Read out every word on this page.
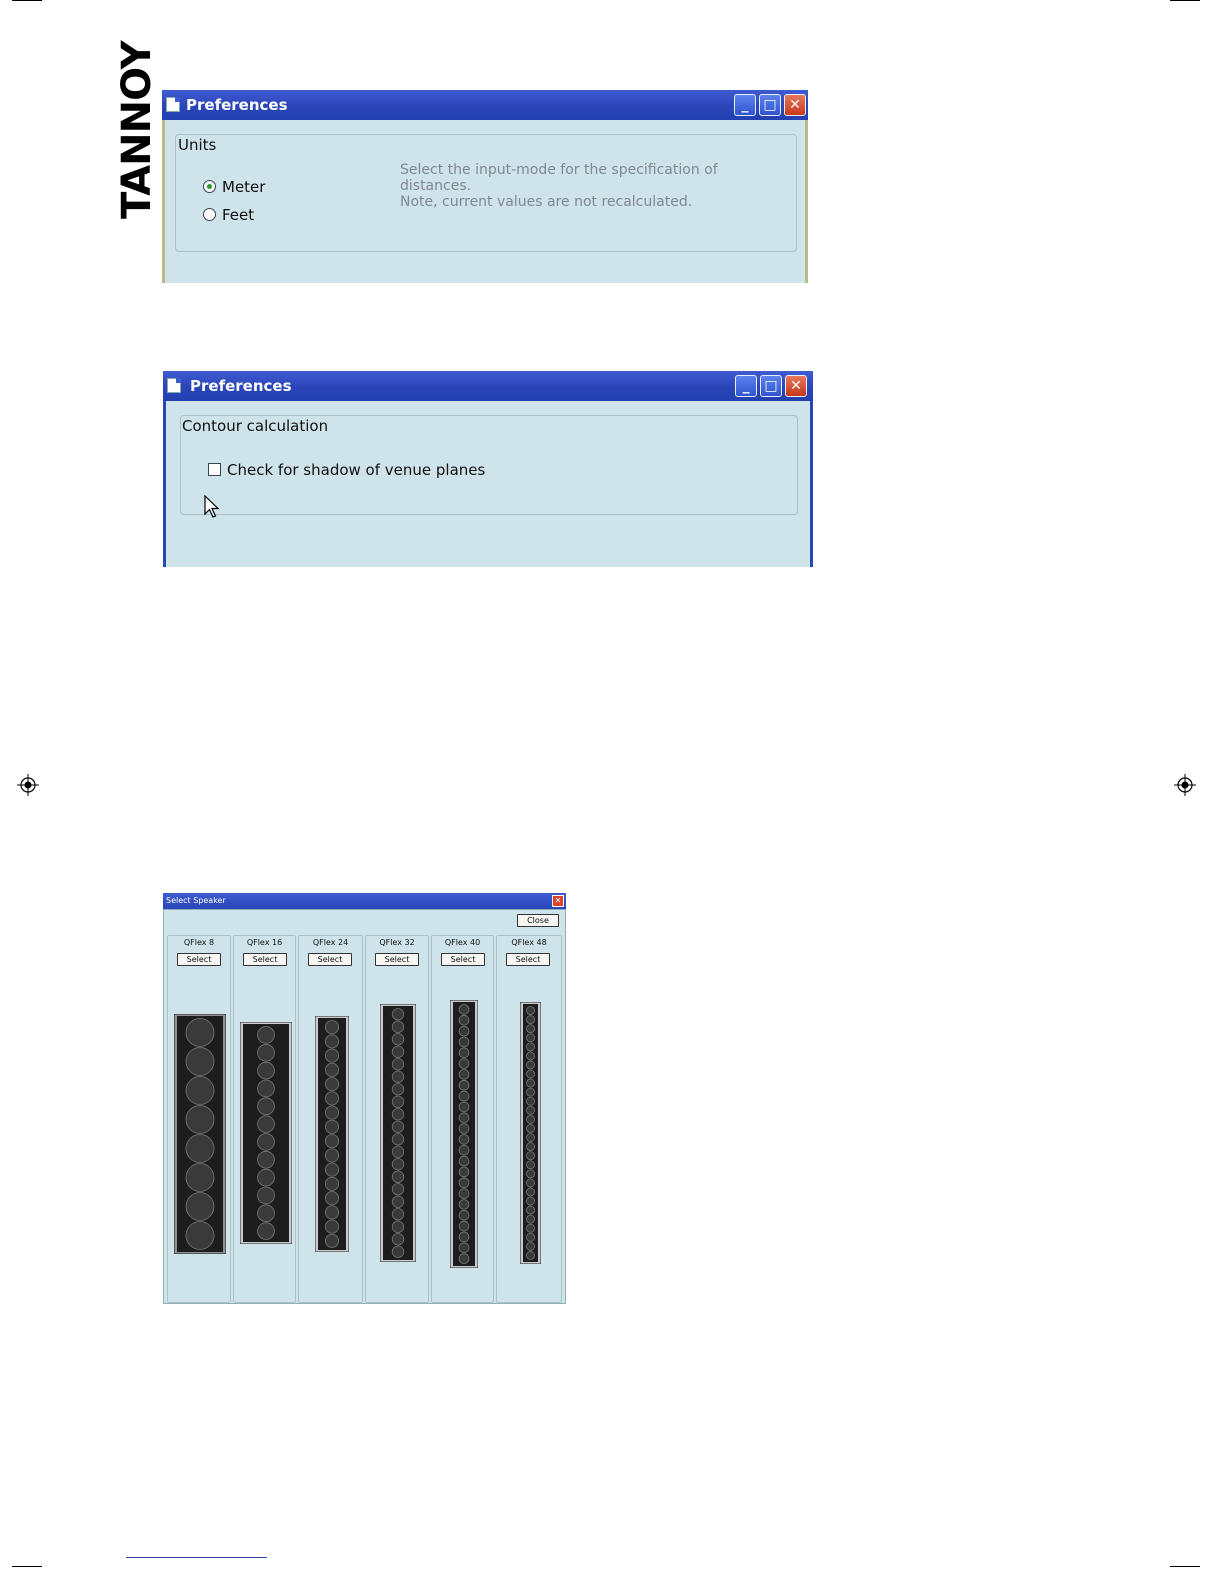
TANNOY Preferences	_	□ ✕
Units
Meter
Feet
Select the input-mode for the specification of
distances.
Note, current values are not recalculated.
Preferences	_	□ ✕
Contour calculation
Check for shadow of venue planes
Select Speaker	✕
Close
QFlex 8
Select
QFlex 16
Select
QFlex 24
Select
QFlex 32
Select
QFlex 40
Select
QFlex 48
Select
